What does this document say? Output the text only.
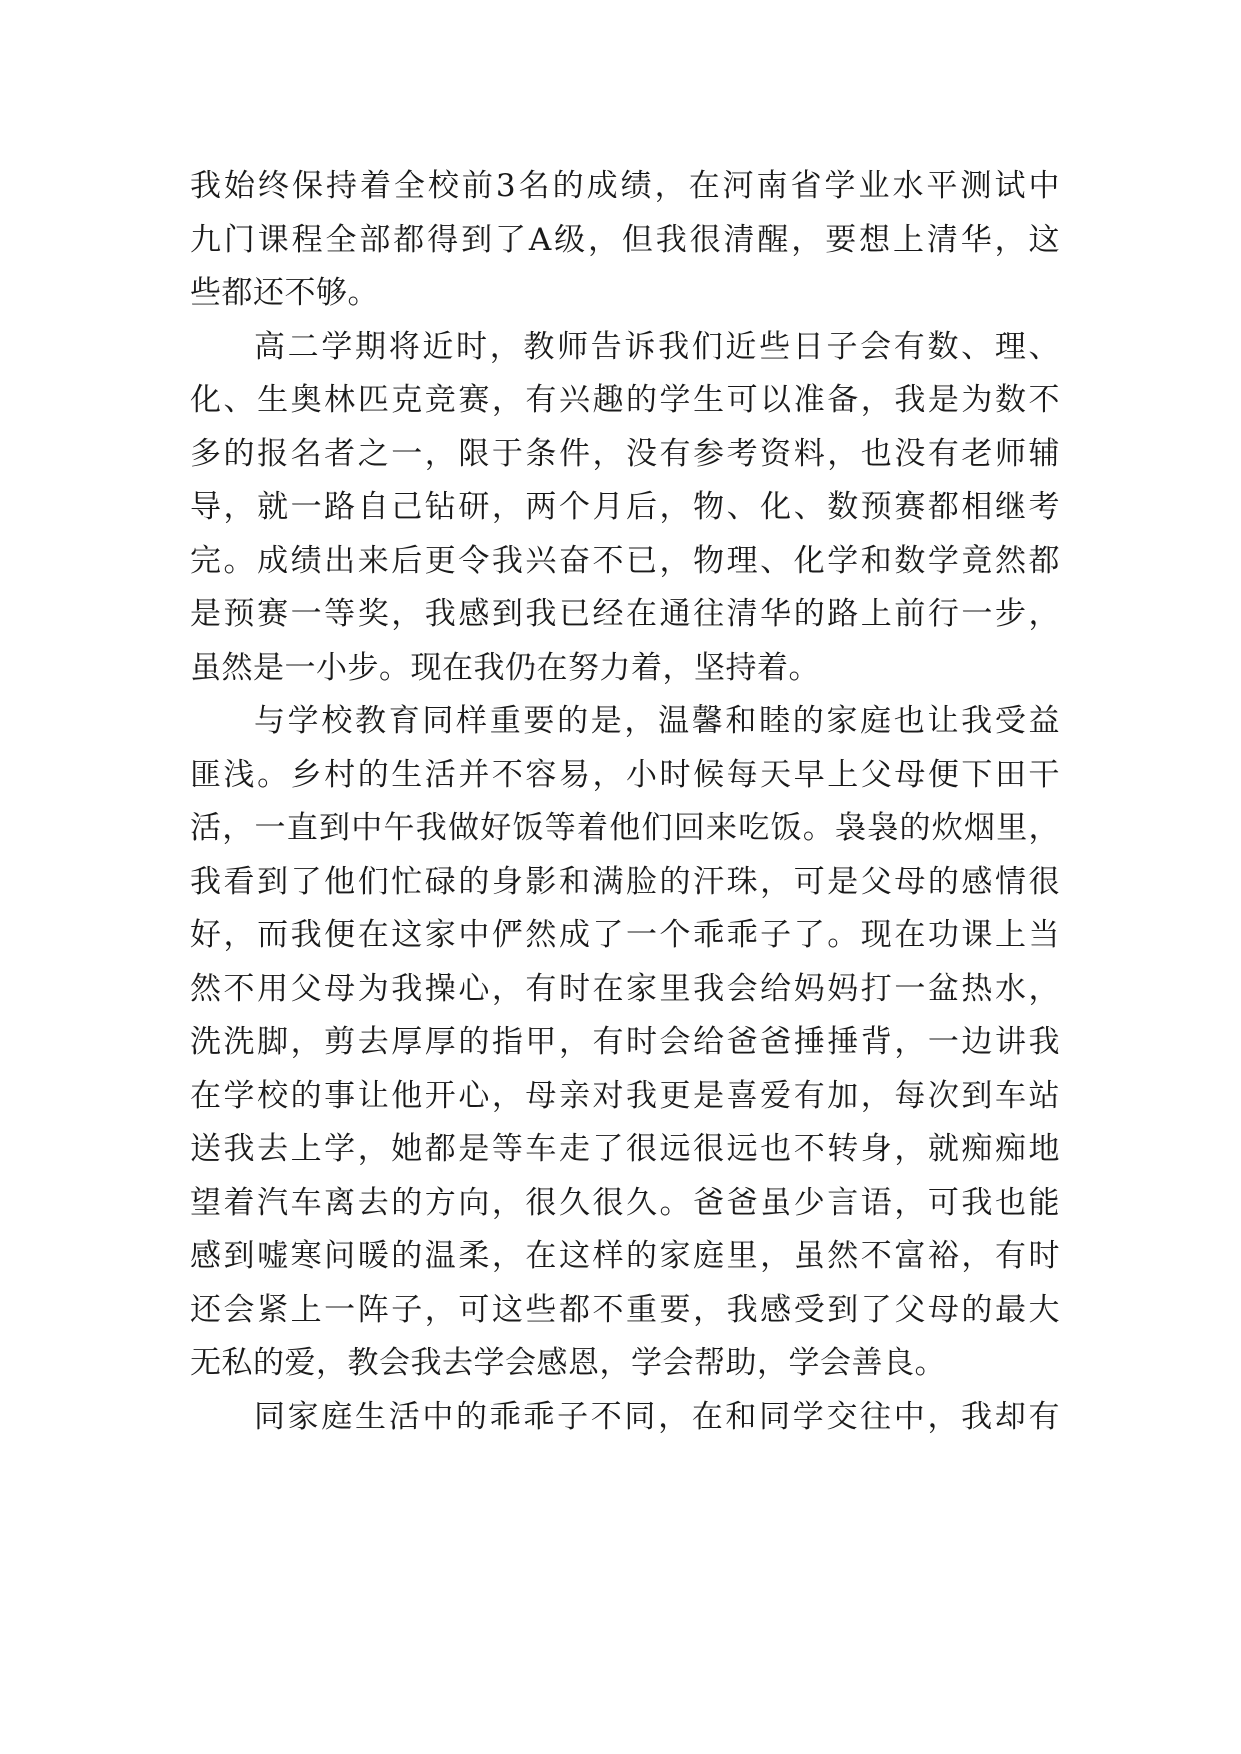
我始终保持着全校前3名的成绩，在河南省学业水平测试中
九门课程全部都得到了A级，但我很清醒，要想上清华，这
些都还不够。
高二学期将近时，教师告诉我们近些日子会有数、理、
化、生奥林匹克竞赛，有兴趣的学生可以准备，我是为数不
多的报名者之一，限于条件，没有参考资料，也没有老师辅
导，就一路自己钻研，两个月后，物、化、数预赛都相继考
完。成绩出来后更令我兴奋不已，物理、化学和数学竟然都
是预赛一等奖，我感到我已经在通往清华的路上前行一步，
虽然是一小步。现在我仍在努力着，坚持着。
与学校教育同样重要的是，温馨和睦的家庭也让我受益
匪浅。乡村的生活并不容易，小时候每天早上父母便下田干
活，一直到中午我做好饭等着他们回来吃饭。袅袅的炊烟里，
我看到了他们忙碌的身影和满脸的汗珠，可是父母的感情很
好，而我便在这家中俨然成了一个乖乖子了。现在功课上当
然不用父母为我操心，有时在家里我会给妈妈打一盆热水，
洗洗脚，剪去厚厚的指甲，有时会给爸爸捶捶背，一边讲我
在学校的事让他开心，母亲对我更是喜爱有加，每次到车站
送我去上学，她都是等车走了很远很远也不转身，就痴痴地
望着汽车离去的方向，很久很久。爸爸虽少言语，可我也能
感到嘘寒问暖的温柔，在这样的家庭里，虽然不富裕，有时
还会紧上一阵子，可这些都不重要，我感受到了父母的最大
无私的爱，教会我去学会感恩，学会帮助，学会善良。
同家庭生活中的乖乖子不同，在和同学交往中，我却有
